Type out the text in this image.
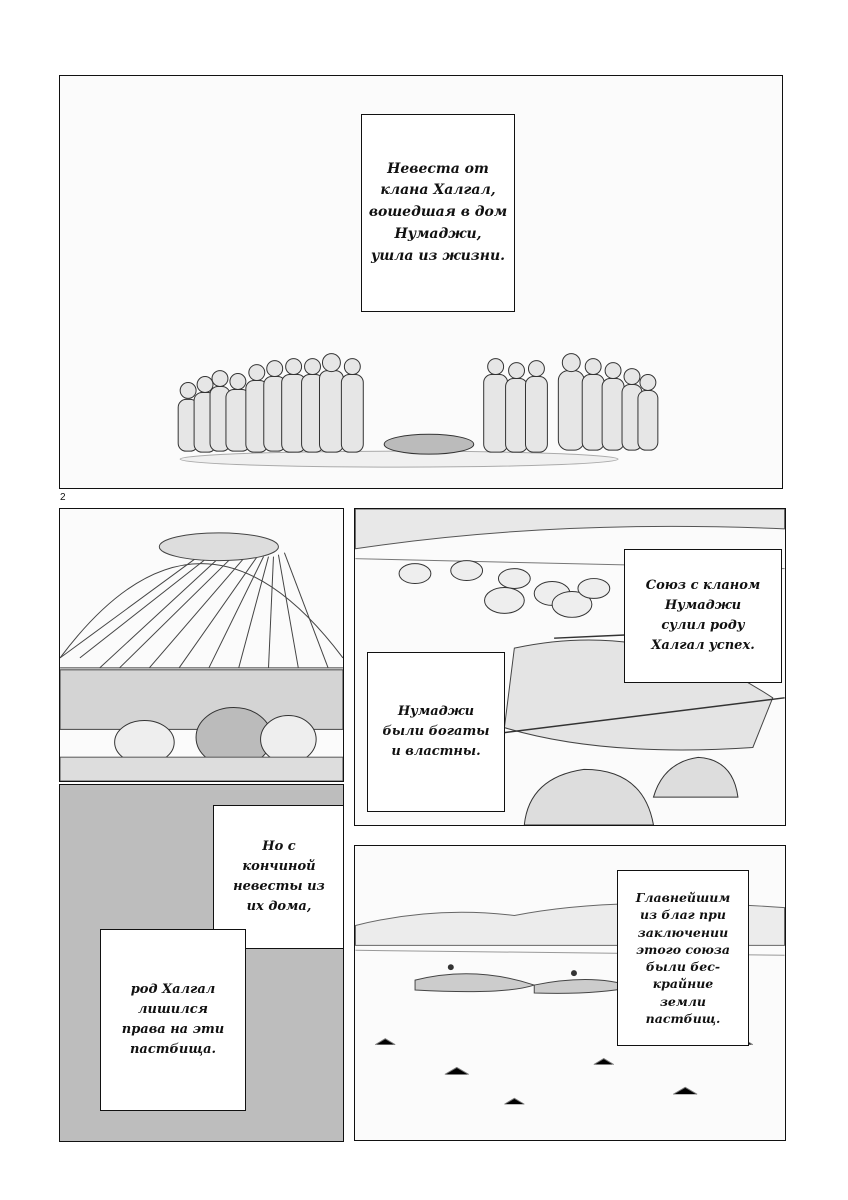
Невеста от
клана Халгал,
вошедшая в дом
Нумаджи,
ушла из жизни.
2
Союз с кланом
Нумаджи
сулил роду
Халгал успех.
Нумаджи
были богаты
и властны.
Но с
кончиной
невесты из
их дома,
род Халгал
лишился
права на эти
пастбища.
Главнейшим
из благ при
заключении
этого союза
были бес-
крайние
земли
пастбищ.
